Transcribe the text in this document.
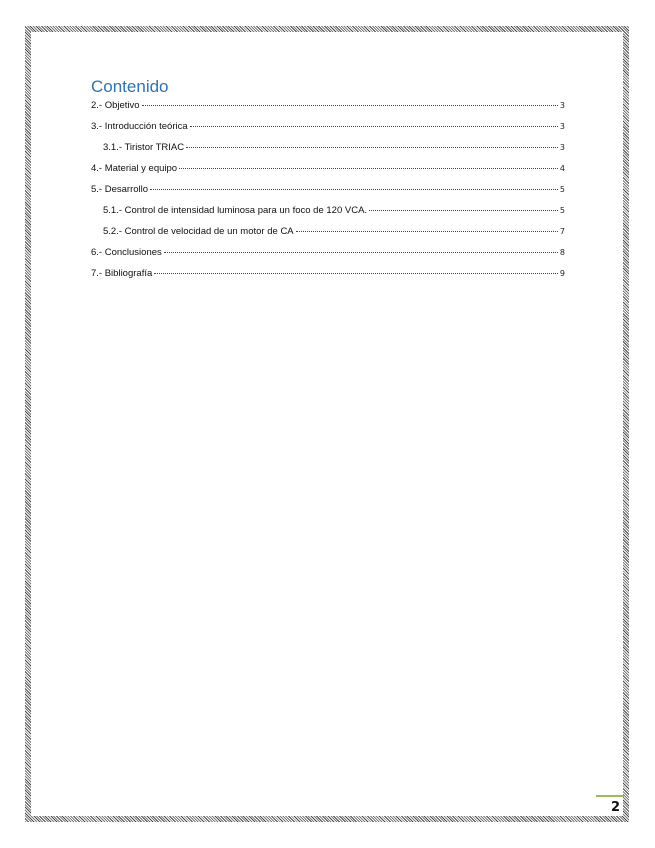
Contenido
2.- Objetivo	3
3.- Introducción teórica	3
3.1.- Tiristor TRIAC	3
4.- Material y equipo	4
5.- Desarrollo	5
5.1.- Control de intensidad luminosa para un foco de 120 VCA.	5
5.2.- Control de velocidad de un motor de CA	7
6.- Conclusiones	8
7.- Bibliografía	9
2
